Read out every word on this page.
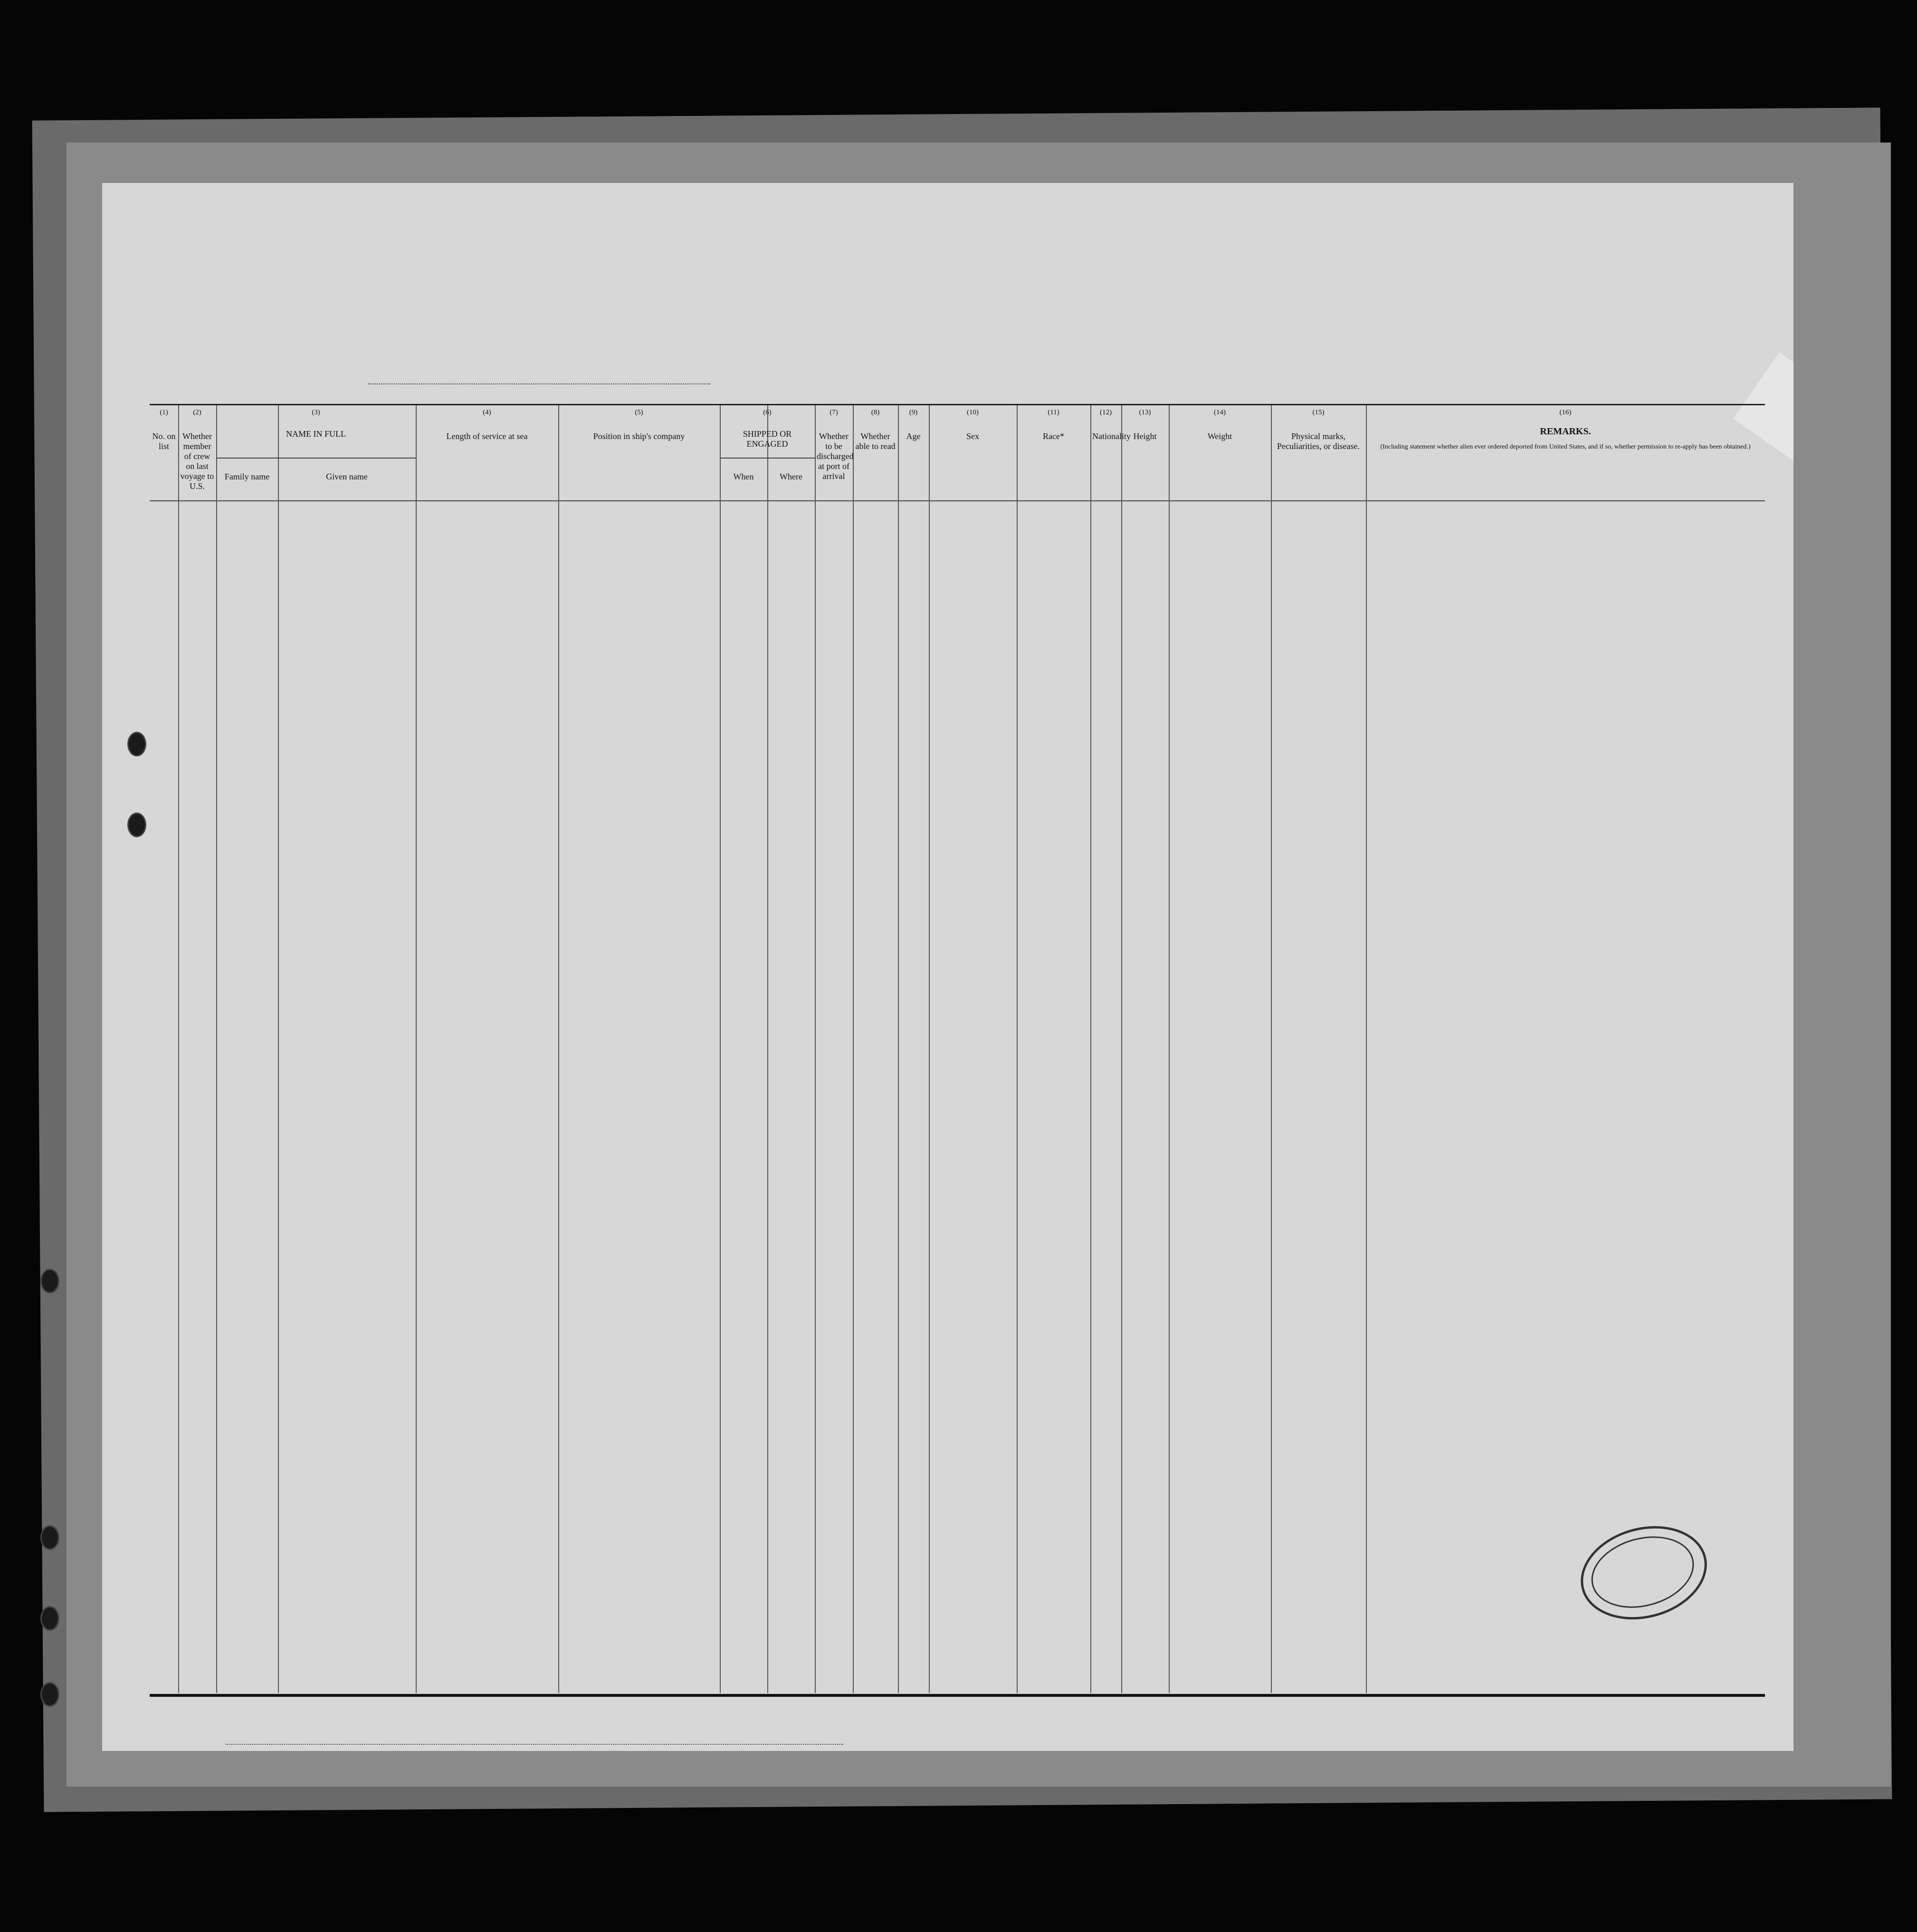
(1)
No. on list
(2)
Whether member of crew on last voyage to U.S.
(3)
NAME IN FULL
Family name	Given name
(4)
Length of service at sea
(5)
Position in ship's company
(6)
SHIPPED OR ENGAGED
When	Where
(7)
Whether to be discharged at port of arrival
(8)
Whether able to read
(9)
Age
(10)
Sex
(11)
Race*
(12)
Nationality
(13)
Height
(14)
Weight
(15)
Physical marks, Peculiarities, or disease.
(16)
REMARKS.
(Including statement whether alien ever ordered deported from United States, and if so, whether permission to re-apply has been obtained.)
